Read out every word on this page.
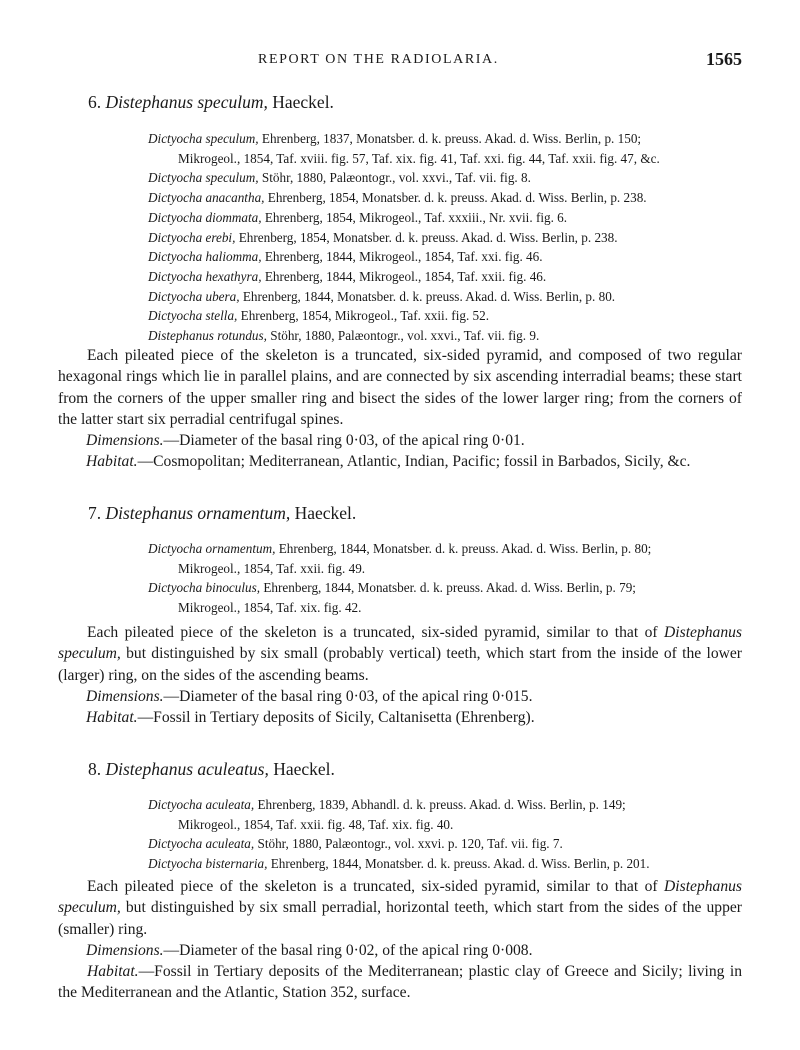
REPORT ON THE RADIOLARIA.	1565
6. Distephanus speculum, Haeckel.
Dictyocha speculum, Ehrenberg, 1837, Monatsber. d. k. preuss. Akad. d. Wiss. Berlin, p. 150;
Mikrogeol., 1854, Taf. xviii. fig. 57, Taf. xix. fig. 41, Taf. xxi. fig. 44, Taf. xxii. fig. 47, &c.
Dictyocha speculum, Stöhr, 1880, Palæontogr., vol. xxvi., Taf. vii. fig. 8.
Dictyocha anacantha, Ehrenberg, 1854, Monatsber. d. k. preuss. Akad. d. Wiss. Berlin, p. 238.
Dictyocha diommata, Ehrenberg, 1854, Mikrogeol., Taf. xxxiii., Nr. xvii. fig. 6.
Dictyocha erebi, Ehrenberg, 1854, Monatsber. d. k. preuss. Akad. d. Wiss. Berlin, p. 238.
Dictyocha haliomma, Ehrenberg, 1844, Mikrogeol., 1854, Taf. xxi. fig. 46.
Dictyocha hexathyra, Ehrenberg, 1844, Mikrogeol., 1854, Taf. xxii. fig. 46.
Dictyocha ubera, Ehrenberg, 1844, Monatsber. d. k. preuss. Akad. d. Wiss. Berlin, p. 80.
Dictyocha stella, Ehrenberg, 1854, Mikrogeol., Taf. xxii. fig. 52.
Distephanus rotundus, Stöhr, 1880, Palæontogr., vol. xxvi., Taf. vii. fig. 9.
Each pileated piece of the skeleton is a truncated, six-sided pyramid, and composed of two regular hexagonal rings which lie in parallel plains, and are connected by six ascending interradial beams; these start from the corners of the upper smaller ring and bisect the sides of the lower larger ring; from the corners of the latter start six perradial centrifugal spines.
Dimensions.—Diameter of the basal ring 0·03, of the apical ring 0·01.
Habitat.—Cosmopolitan; Mediterranean, Atlantic, Indian, Pacific; fossil in Barbados, Sicily, &c.
7. Distephanus ornamentum, Haeckel.
Dictyocha ornamentum, Ehrenberg, 1844, Monatsber. d. k. preuss. Akad. d. Wiss. Berlin, p. 80;
Mikrogeol., 1854, Taf. xxii. fig. 49.
Dictyocha binoculus, Ehrenberg, 1844, Monatsber. d. k. preuss. Akad. d. Wiss. Berlin, p. 79;
Mikrogeol., 1854, Taf. xix. fig. 42.
Each pileated piece of the skeleton is a truncated, six-sided pyramid, similar to that of Distephanus speculum, but distinguished by six small (probably vertical) teeth, which start from the inside of the lower (larger) ring, on the sides of the ascending beams.
Dimensions.—Diameter of the basal ring 0·03, of the apical ring 0·015.
Habitat.—Fossil in Tertiary deposits of Sicily, Caltanisetta (Ehrenberg).
8. Distephanus aculeatus, Haeckel.
Dictyocha aculeata, Ehrenberg, 1839, Abhandl. d. k. preuss. Akad. d. Wiss. Berlin, p. 149;
Mikrogeol., 1854, Taf. xxii. fig. 48, Taf. xix. fig. 40.
Dictyocha aculeata, Stöhr, 1880, Palæontogr., vol. xxvi. p. 120, Taf. vii. fig. 7.
Dictyocha bisternaria, Ehrenberg, 1844, Monatsber. d. k. preuss. Akad. d. Wiss. Berlin, p. 201.
Each pileated piece of the skeleton is a truncated, six-sided pyramid, similar to that of Distephanus speculum, but distinguished by six small perradial, horizontal teeth, which start from the sides of the upper (smaller) ring.
Dimensions.—Diameter of the basal ring 0·02, of the apical ring 0·008.
Habitat.—Fossil in Tertiary deposits of the Mediterranean; plastic clay of Greece and Sicily; living in the Mediterranean and the Atlantic, Station 352, surface.
